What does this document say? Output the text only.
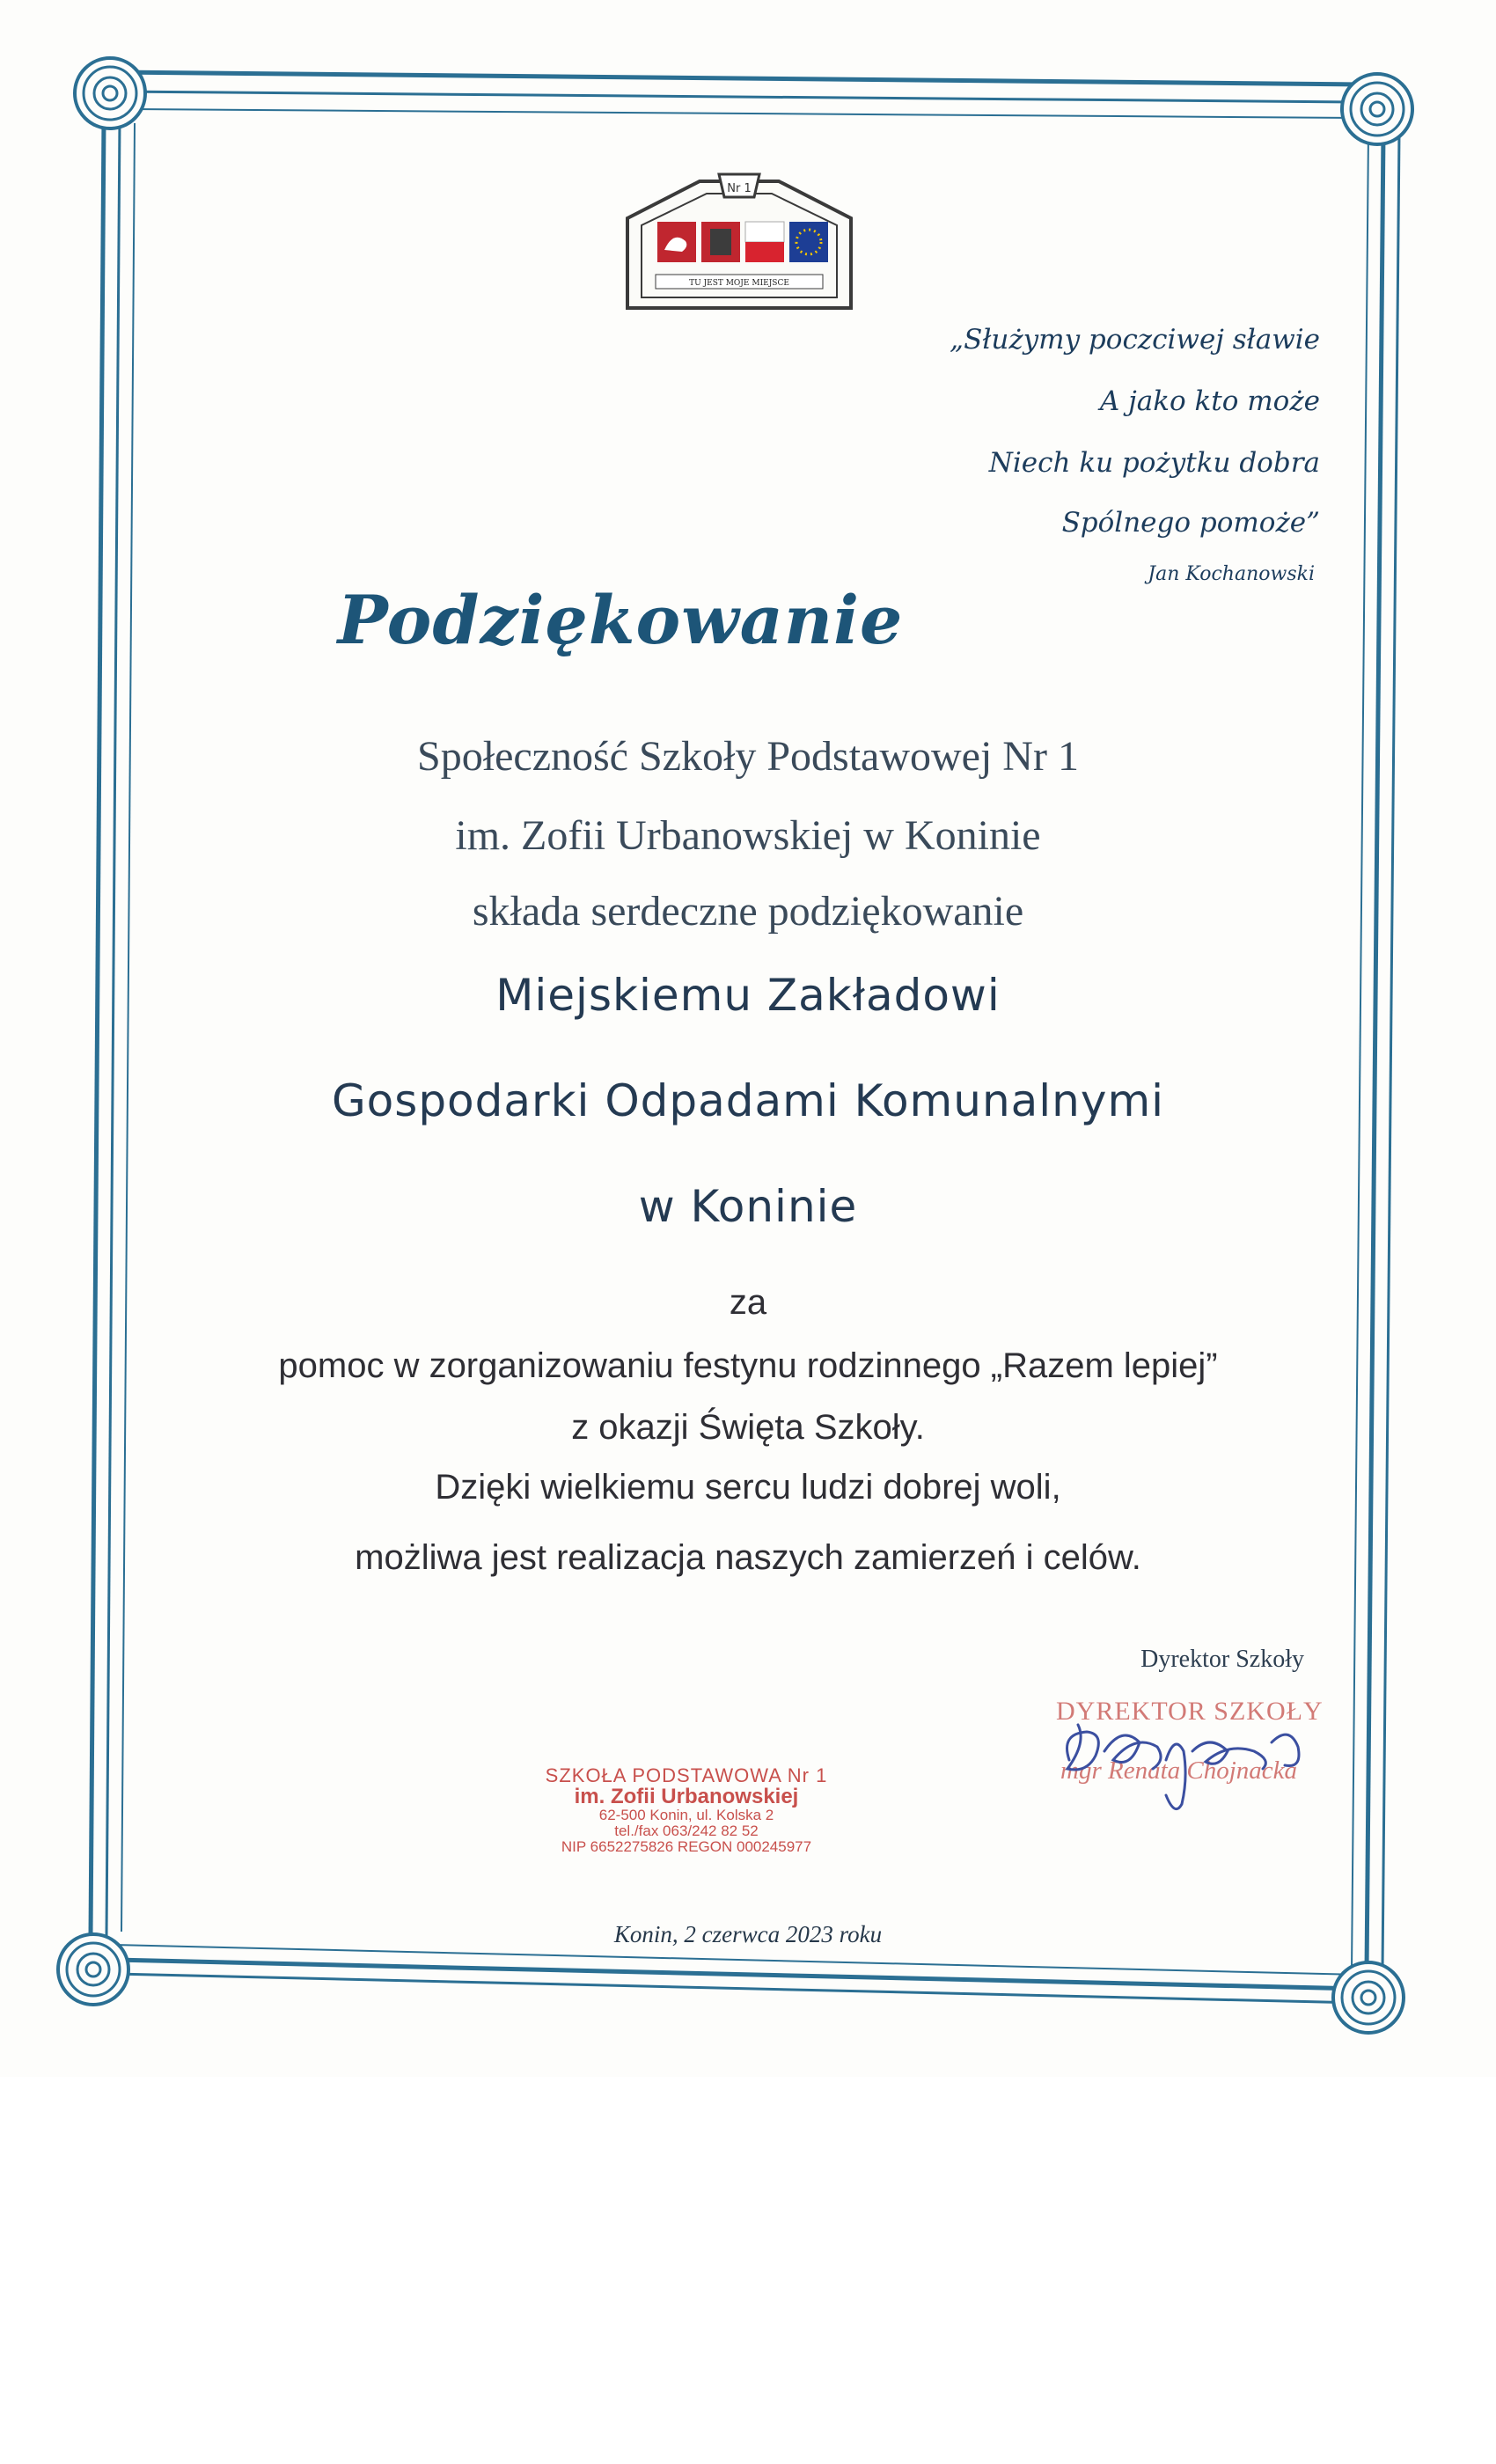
Nr 1
TU JEST MOJE MIEJSCE
„Służymy poczciwej sławie
A jako kto może
Niech ku pożytku dobra
Spólnego pomoże”
Jan Kochanowski
Podziękowanie
Społeczność Szkoły Podstawowej Nr 1
im. Zofii Urbanowskiej w Koninie
składa serdeczne podziękowanie
Miejskiemu Zakładowi
Gospodarki Odpadami Komunalnymi
w Koninie
za
pomoc w zorganizowaniu festynu rodzinnego „Razem lepiej”
z okazji Święta Szkoły.
Dzięki wielkiemu sercu ludzi dobrej woli,
możliwa jest realizacja naszych zamierzeń i celów.
SZKOŁA PODSTAWOWA Nr 1
im. Zofii Urbanowskiej
62-500 Konin, ul. Kolska 2
tel./fax 063/242 82 52
NIP 6652275826 REGON 000245977
Dyrektor Szkoły
DYREKTOR SZKOŁY
mgr Renata Chojnacka
Konin, 2 czerwca 2023 roku
